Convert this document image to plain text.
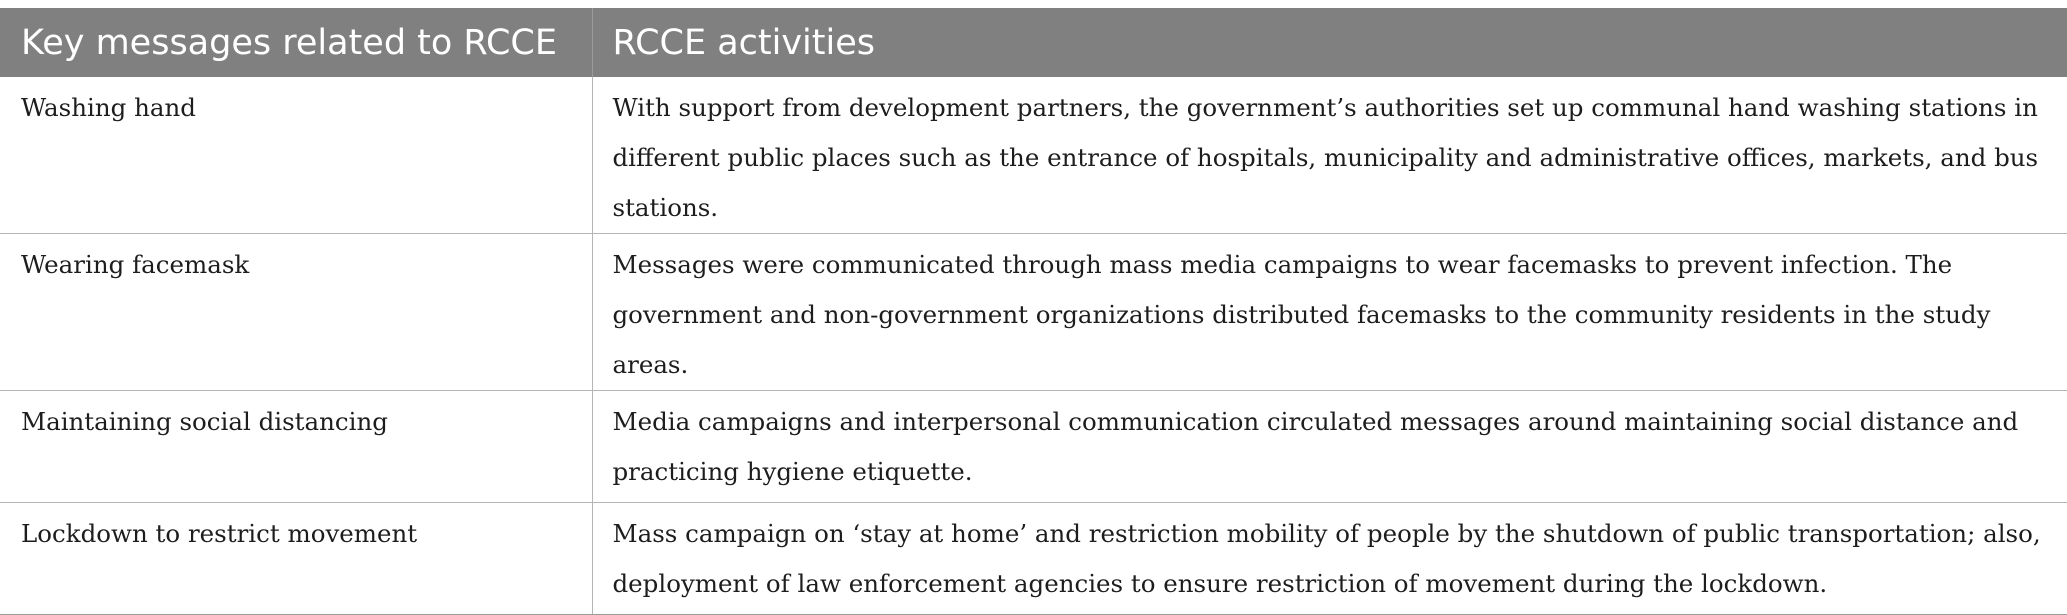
Key messages related to RCCE	RCCE activities

Washing hand	With support from development partners, the government’s authorities set up communal hand washing stations in different public places such as the entrance of hospitals, municipality and administrative offices, markets, and bus stations.

Wearing facemask	Messages were communicated through mass media campaigns to wear facemasks to prevent infection. The government and non-government organizations distributed facemasks to the community residents in the study areas.

Maintaining social distancing	Media campaigns and interpersonal communication circulated messages around maintaining social distance and practicing hygiene etiquette.

Lockdown to restrict movement	Mass campaign on ‘stay at home’ and restriction mobility of people by the shutdown of public transportation; also, deployment of law enforcement agencies to ensure restriction of movement during the lockdown.
